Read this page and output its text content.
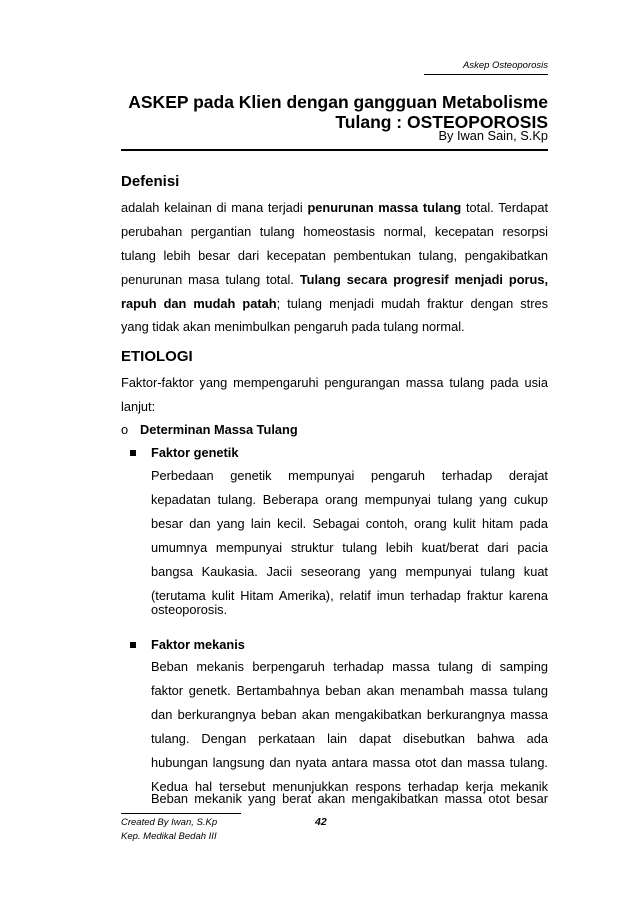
Askep Osteoporosis
ASKEP pada Klien dengan gangguan Metabolisme
Tulang : OSTEOPOROSIS
By Iwan Sain, S.Kp
Defenisi
adalah kelainan di mana terjadi penurunan massa tulang total. Terdapat
perubahan pergantian tulang homeostasis normal, kecepatan resorpsi
tulang lebih besar dari kecepatan pembentukan tulang, pengakibatkan
penurunan masa tulang total. Tulang secara progresif menjadi porus,
rapuh dan mudah patah; tulang menjadi mudah fraktur dengan stres
yang tidak akan menimbulkan pengaruh pada tulang normal.
ETIOLOGI
Faktor-faktor yang mempengaruhi pengurangan massa tulang pada usia
lanjut:
o Determinan Massa Tulang
Faktor genetik
Perbedaan genetik mempunyai pengaruh terhadap derajat
kepadatan tulang. Beberapa orang mempunyai tulang yang cukup
besar dan yang lain kecil. Sebagai contoh, orang kulit hitam pada
umumnya mempunyai struktur tulang lebih kuat/berat dari pacia
bangsa Kaukasia. Jacii seseorang yang mempunyai tulang kuat
(terutama kulit Hitam Amerika), relatif imun terhadap fraktur karena
osteoporosis.
Faktor mekanis
Beban mekanis berpengaruh terhadap massa tulang di samping
faktor genetk. Bertambahnya beban akan menambah massa tulang
dan berkurangnya beban akan mengakibatkan berkurangnya massa
tulang. Dengan perkataan lain dapat disebutkan bahwa ada
hubungan langsung dan nyata antara massa otot dan massa tulang.
Kedua hal tersebut menunjukkan respons terhadap kerja mekanik
Beban mekanik yang berat akan mengakibatkan massa otot besar
Created By Iwan, S.Kp
Kep. Medikal Bedah III
42
